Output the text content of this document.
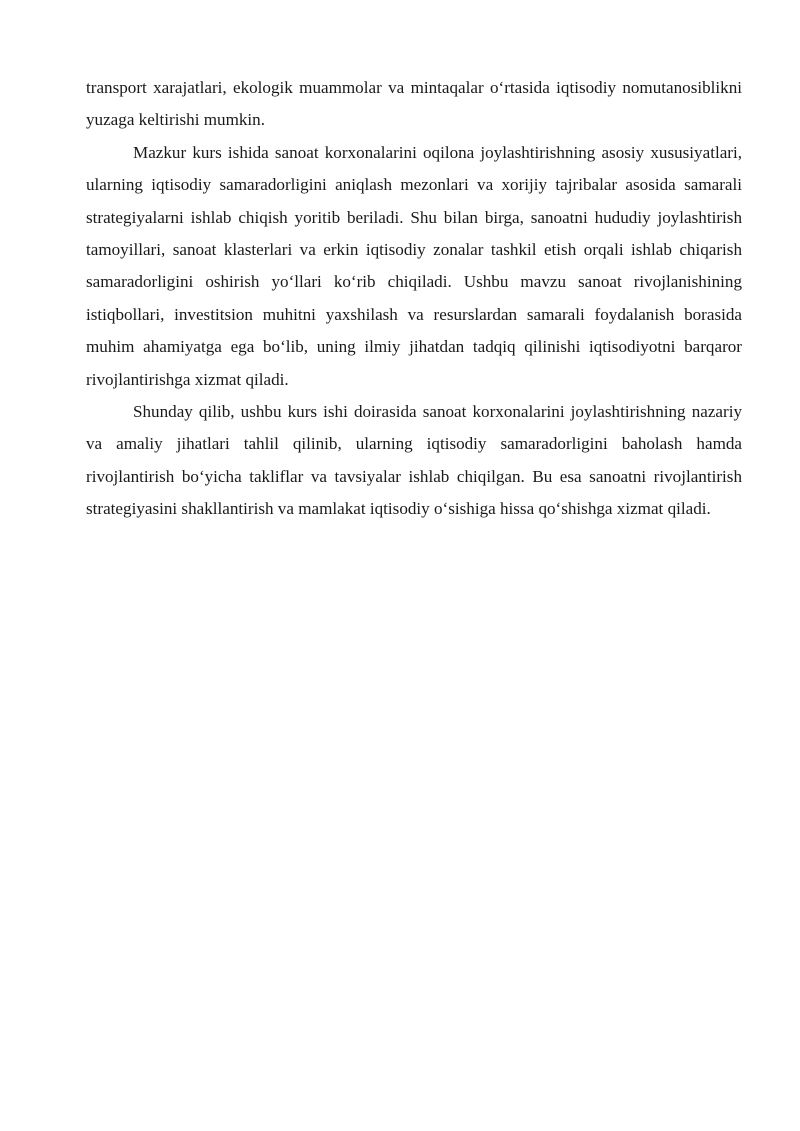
transport xarajatlari, ekologik muammolar va mintaqalar o‘rtasida iqtisodiy nomutanosiblikni yuzaga keltirishi mumkin.

Mazkur kurs ishida sanoat korxonalarini oqilona joylashtirishning asosiy xususiyatlari, ularning iqtisodiy samaradorligini aniqlash mezonlari va xorijiy tajribalar asosida samarali strategiyalarni ishlab chiqish yoritib beriladi. Shu bilan birga, sanoatni hududiy joylashtirish tamoyillari, sanoat klasterlari va erkin iqtisodiy zonalar tashkil etish orqali ishlab chiqarish samaradorligini oshirish yo‘llari ko‘rib chiqiladi. Ushbu mavzu sanoat rivojlanishining istiqbollari, investitsion muhitni yaxshilash va resurslardan samarali foydalanish borasida muhim ahamiyatga ega bo‘lib, uning ilmiy jihatdan tadqiq qilinishi iqtisodiyotni barqaror rivojlantirishga xizmat qiladi.

Shunday qilib, ushbu kurs ishi doirasida sanoat korxonalarini joylashtirishning nazariy va amaliy jihatlari tahlil qilinib, ularning iqtisodiy samaradorligini baholash hamda rivojlantirish bo‘yicha takliflar va tavsiyalar ishlab chiqilgan. Bu esa sanoatni rivojlantirish strategiyasini shakllantirish va mamlakat iqtisodiy o‘sishiga hissa qo‘shishga xizmat qiladi.
